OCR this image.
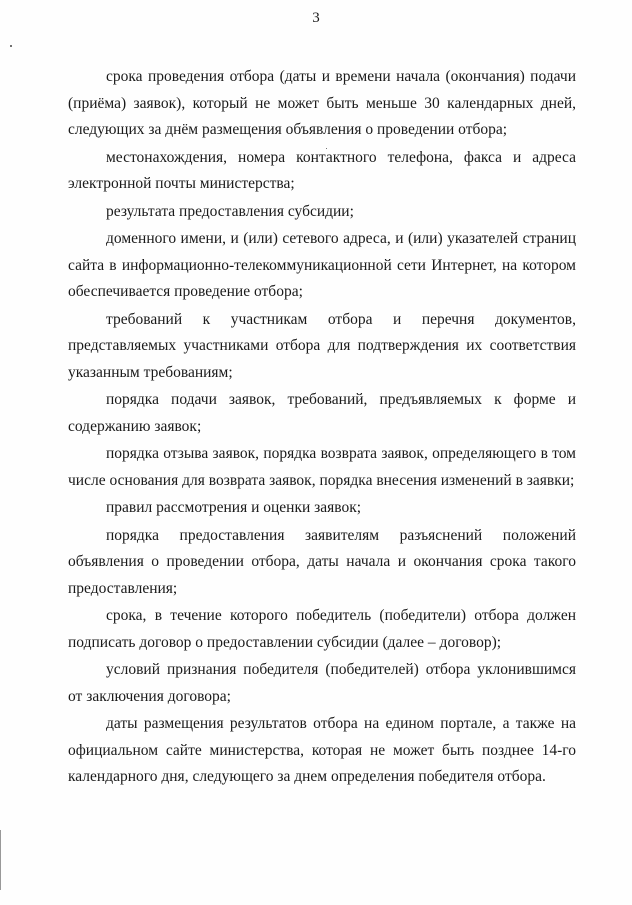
3

срока проведения отбора (даты и времени начала (окончания) подачи (приёма) заявок), который не может быть меньше 30 календарных дней, следующих за днём размещения объявления о проведении отбора;

местонахождения, номера контактного телефона, факса и адреса электронной почты министерства;

результата предоставления субсидии;

доменного имени, и (или) сетевого адреса, и (или) указателей страниц сайта в информационно-телекоммуникационной сети Интернет, на котором обеспечивается проведение отбора;

требований к участникам отбора и перечня документов, представляемых участниками отбора для подтверждения их соответствия указанным требованиям;

порядка подачи заявок, требований, предъявляемых к форме и содержанию заявок;

порядка отзыва заявок, порядка возврата заявок, определяющего в том числе основания для возврата заявок, порядка внесения изменений в заявки;

правил рассмотрения и оценки заявок;

порядка предоставления заявителям разъяснений положений объявления о проведении отбора, даты начала и окончания срока такого предоставления;

срока, в течение которого победитель (победители) отбора должен подписать договор о предоставлении субсидии (далее – договор);

условий признания победителя (победителей) отбора уклонившимся от заключения договора;

даты размещения результатов отбора на едином портале, а также на официальном сайте министерства, которая не может быть позднее 14-го календарного дня, следующего за днем определения победителя отбора.
